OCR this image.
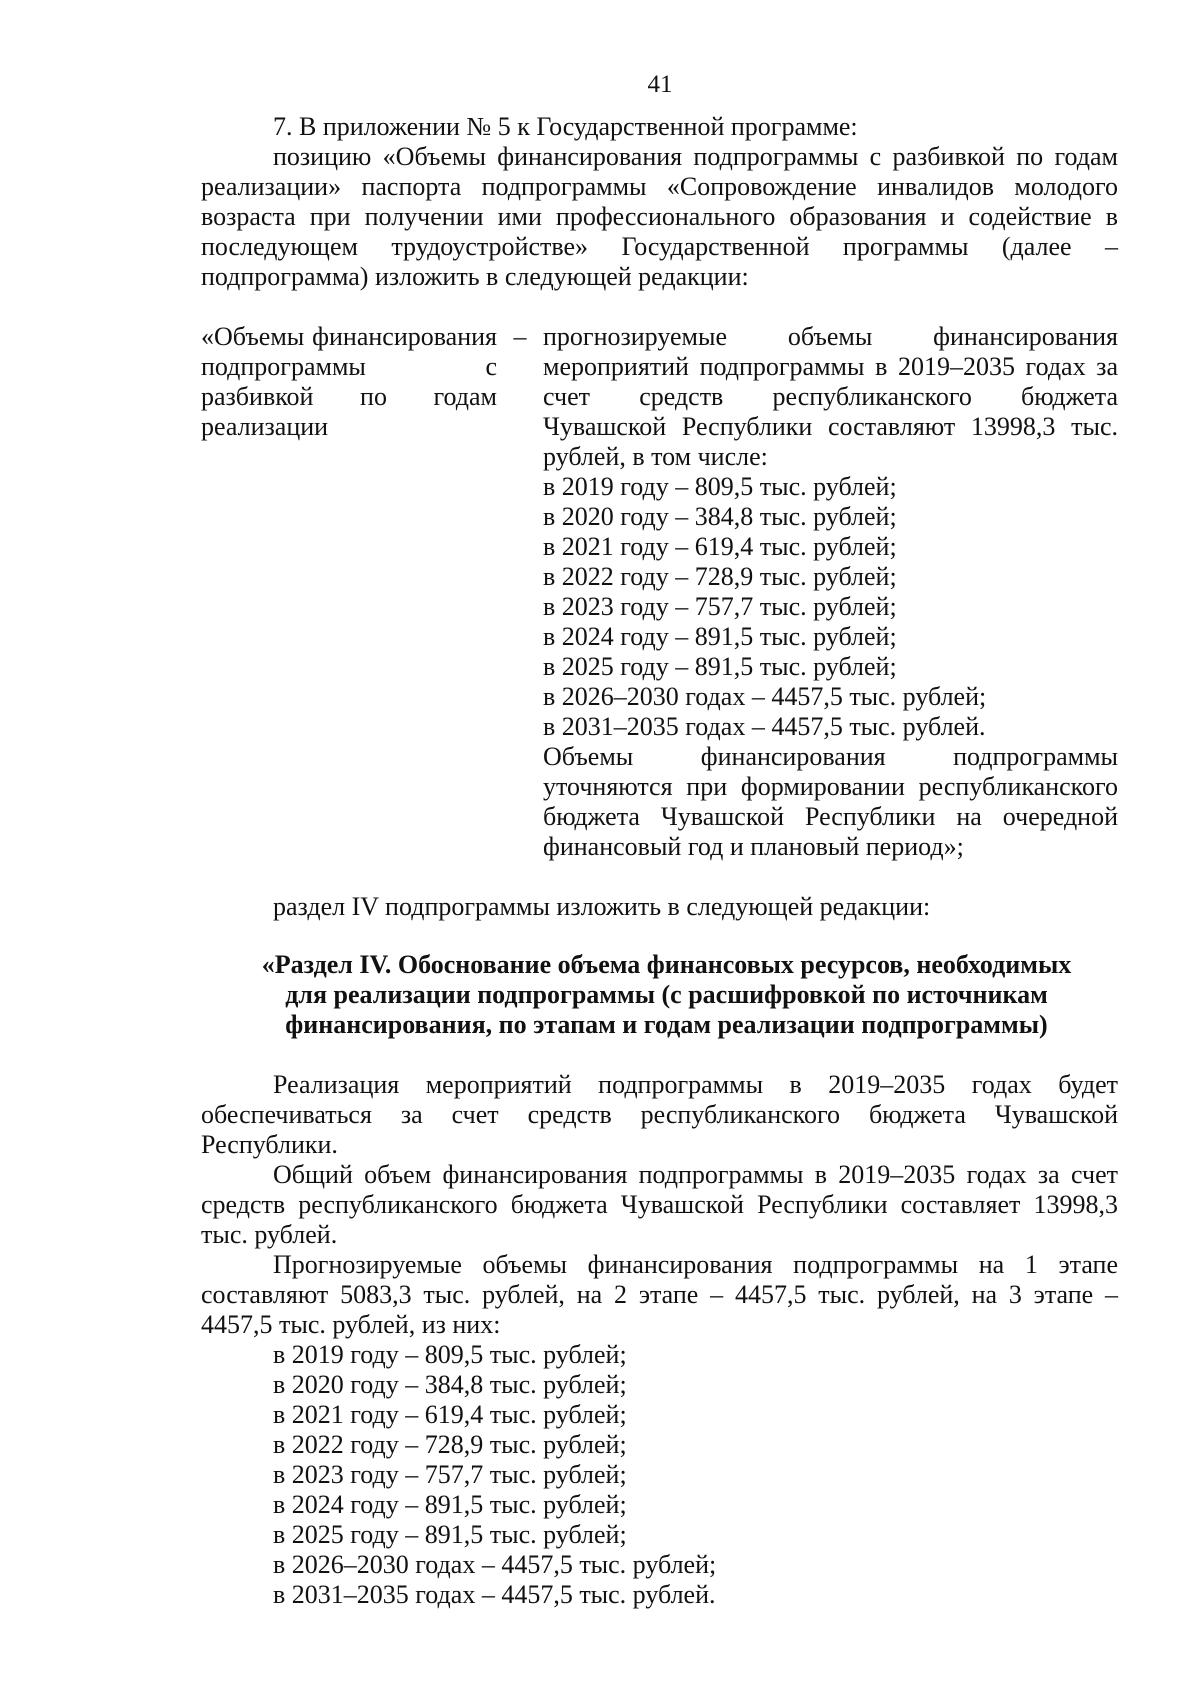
41

7. В приложении № 5 к Государственной программе:

позицию «Объемы финансирования подпрограммы с разбивкой по годам реализации» паспорта подпрограммы «Сопровождение инвалидов молодого возраста при получении ими профессионального образования и содействие в последующем трудоустройстве» Государственной программы (далее – подпрограмма) изложить в следующей редакции:

«Объемы финансирования подпрограммы с разбивкой по годам реализации
– прогнозируемые объемы финансирования мероприятий подпрограммы в 2019–2035 годах за счет средств республиканского бюджета Чувашской Республики составляют 13998,3 тыс. рублей, в том числе:

в 2019 году – 809,5 тыс. рублей;
в 2020 году – 384,8 тыс. рублей;
в 2021 году – 619,4 тыс. рублей;
в 2022 году – 728,9 тыс. рублей;
в 2023 году – 757,7 тыс. рублей;
в 2024 году – 891,5 тыс. рублей;
в 2025 году – 891,5 тыс. рублей;
в 2026–2030 годах – 4457,5 тыс. рублей;
в 2031–2035 годах – 4457,5 тыс. рублей.

Объемы финансирования подпрограммы уточняются при формировании республиканского бюджета Чувашской Республики на очередной финансовый год и плановый период»;

раздел IV подпрограммы изложить в следующей редакции:

«Раздел IV. Обоснование объема финансовых ресурсов, необходимых для реализации подпрограммы (с расшифровкой по источникам финансирования, по этапам и годам реализации подпрограммы)

Реализация мероприятий подпрограммы в 2019–2035 годах будет обеспечиваться за счет средств республиканского бюджета Чувашской Республики.

Общий объем финансирования подпрограммы в 2019–2035 годах за счет средств республиканского бюджета Чувашской Республики составляет 13998,3 тыс. рублей.

Прогнозируемые объемы финансирования подпрограммы на 1 этапе составляют 5083,3 тыс. рублей, на 2 этапе – 4457,5 тыс. рублей, на 3 этапе – 4457,5 тыс. рублей, из них:

в 2019 году – 809,5 тыс. рублей;
в 2020 году – 384,8 тыс. рублей;
в 2021 году – 619,4 тыс. рублей;
в 2022 году – 728,9 тыс. рублей;
в 2023 году – 757,7 тыс. рублей;
в 2024 году – 891,5 тыс. рублей;
в 2025 году – 891,5 тыс. рублей;
в 2026–2030 годах – 4457,5 тыс. рублей;
в 2031–2035 годах – 4457,5 тыс. рублей.
